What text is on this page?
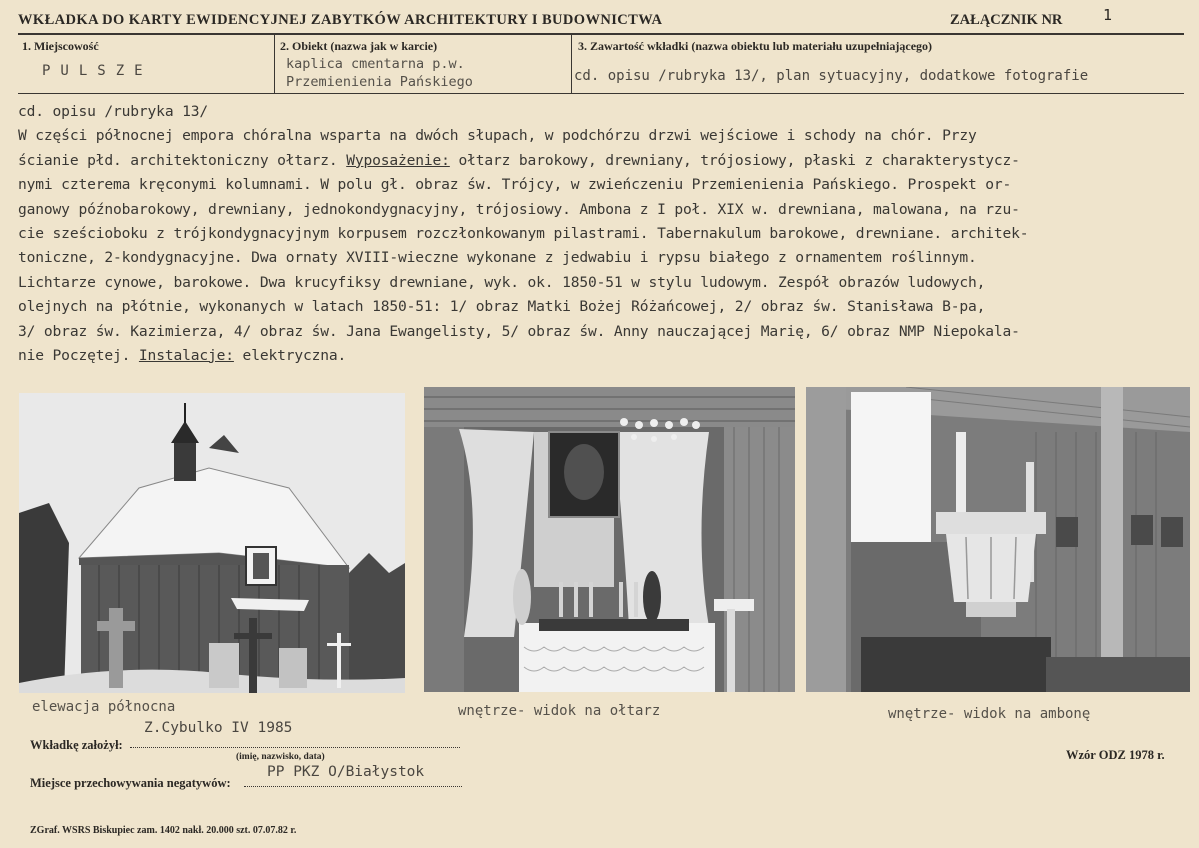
WKŁADKA DO KARTY EWIDENCYJNEJ ZABYTKÓW ARCHITEKTURY I BUDOWNICTWA	ZAŁĄCZNIK NR	1
1. Miejscowość
PULSZE
2. Obiekt (nazwa jak w karcie)
kaplica cmentarna p.w.
Przemienienia Pańskiego
3. Zawartość wkładki (nazwa obiektu lub materiału uzupełniającego)
cd. opisu /rubryka 13/, plan sytuacyjny, dodatkowe fotografie
cd. opisu /rubryka 13/
W części północnej empora chóralna wsparta na dwóch słupach, w podchórzu drzwi wejściowe i schody na chór. Przy
ścianie płd. architektoniczny ołtarz. Wyposażenie: ołtarz barokowy, drewniany, trójosiowy, płaski z charakterystycz-
nymi czterema kręconymi kolumnami. W polu gł. obraz św. Trójcy, w zwieńczeniu Przemienienia Pańskiego. Prospekt or-
ganowy późnobarokowy, drewniany, jednokondygnacyjny, trójosiowy. Ambona z I poł. XIX w. drewniana, malowana, na rzu-
cie sześcioboku z trójkondygnacyjnym korpusem rozczłonkowanym pilastrami. Tabernakulum barokowe, drewniane. architek-
toniczne, 2-kondygnacyjne. Dwa ornaty XVIII-wieczne wykonane z jedwabiu i rypsu białego z ornamentem roślinnym.
Lichtarze cynowe, barokowe. Dwa krucyfiksy drewniane, wyk. ok. 1850-51 w stylu ludowym. Zespół obrazów ludowych,
olejnych na płótnie, wykonanych w latach 1850-51: 1/ obraz Matki Bożej Różańcowej, 2/ obraz św. Stanisława B-pa,
3/ obraz św. Kazimierza, 4/ obraz św. Jana Ewangelisty, 5/ obraz św. Anny nauczającej Marię, 6/ obraz NMP Niepokala-
nie Poczętej. Instalacje: elektryczna.
elewacja północna	wnętrze- widok na ołtarz	wnętrze- widok na ambonę
Wkładkę założył:
Z.Cybulko IV 1985
(imię, nazwisko, data)
Miejsce przechowywania negatywów:
PP PKZ O/Białystok
Wzór ODZ 1978 r.
ZGraf. WSRS Biskupiec zam. 1402 nakł. 20.000 szt. 07.07.82 r.
